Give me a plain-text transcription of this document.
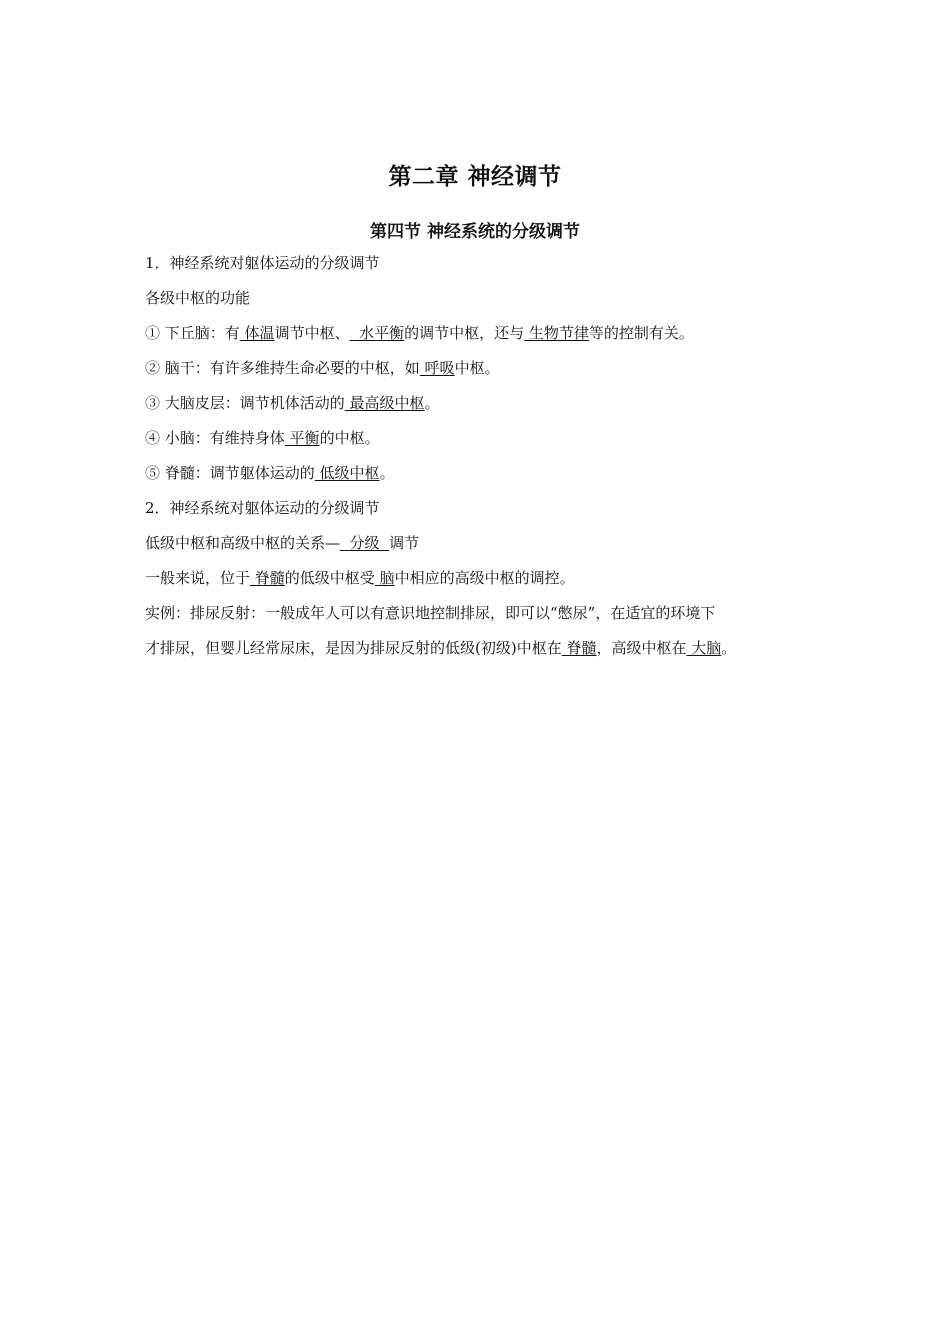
第二章 神经调节
第四节 神经系统的分级调节
1．神经系统对躯体运动的分级调节
各级中枢的功能
① 下丘脑：有 体温调节中枢、  水平衡的调节中枢，还与 生物节律等的控制有关。
② 脑干：有许多维持生命必要的中枢，如 呼吸中枢。
③ 大脑皮层：调节机体活动的 最高级中枢。
④ 小脑：有维持身体 平衡的中枢。
⑤ 脊髓：调节躯体运动的 低级中枢。
2．神经系统对躯体运动的分级调节
低级中枢和高级中枢的关系—  分级  调节
一般来说，位于 脊髓的低级中枢受 脑中相应的高级中枢的调控。
实例：排尿反射：一般成年人可以有意识地控制排尿，即可以“憋尿”，在适宜的环境下
才排尿，但婴儿经常尿床，是因为排尿反射的低级(初级)中枢在 脊髓，高级中枢在 大脑。
